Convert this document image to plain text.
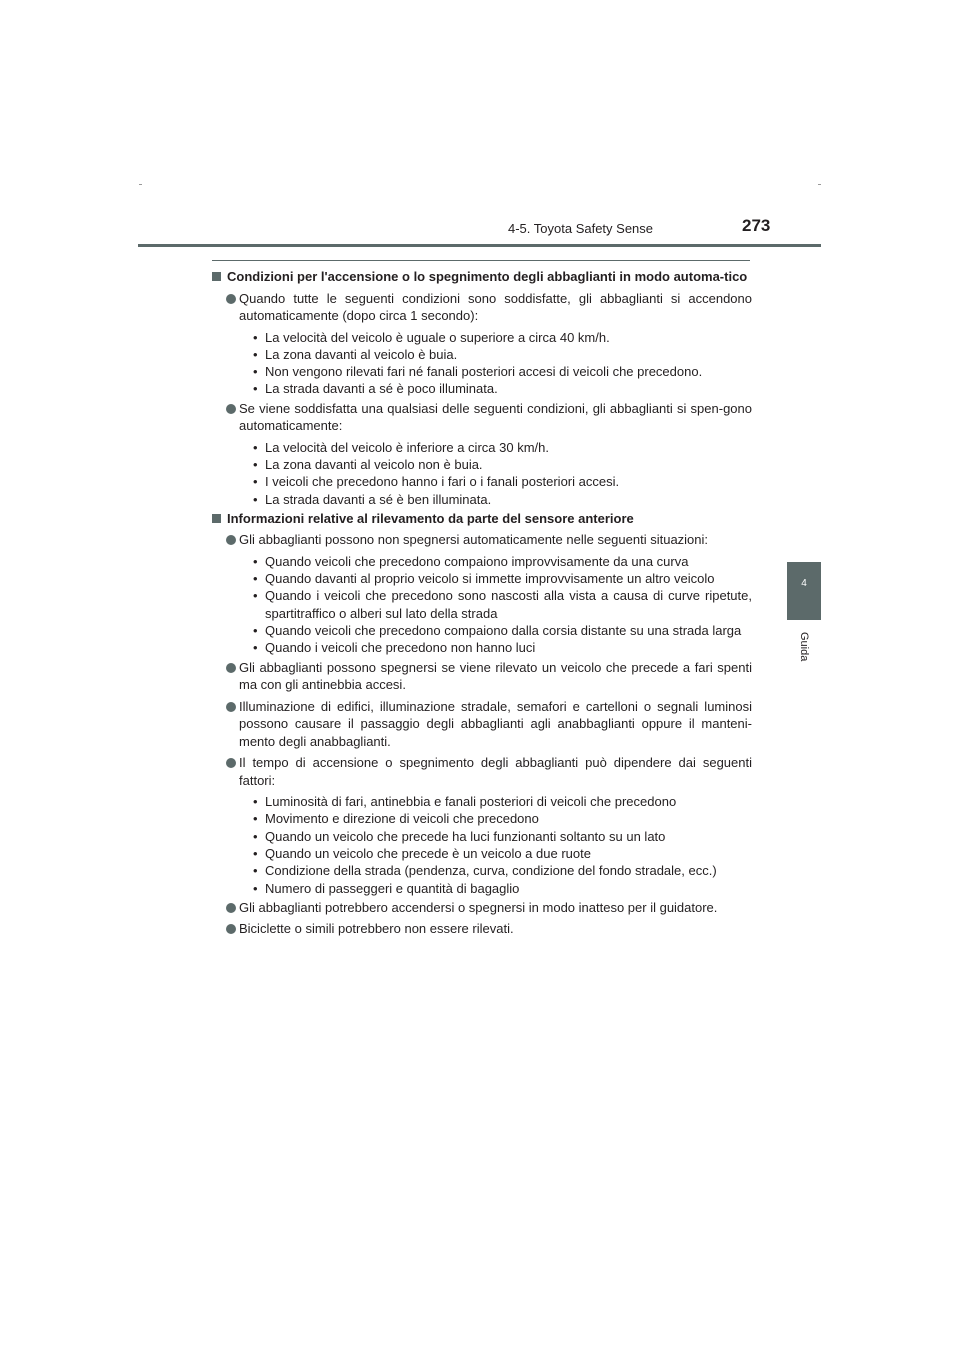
4-5. Toyota Safety Sense	273
4
Guida
Condizioni per l'accensione o lo spegnimento degli abbaglianti in modo automa-tico
Quando tutte le seguenti condizioni sono soddisfatte, gli abbaglianti si accendono automaticamente (dopo circa 1 secondo):
• La velocità del veicolo è uguale o superiore a circa 40 km/h.
• La zona davanti al veicolo è buia.
• Non vengono rilevati fari né fanali posteriori accesi di veicoli che precedono.
• La strada davanti a sé è poco illuminata.
Se viene soddisfatta una qualsiasi delle seguenti condizioni, gli abbaglianti si spen-gono automaticamente:
• La velocità del veicolo è inferiore a circa 30 km/h.
• La zona davanti al veicolo non è buia.
• I veicoli che precedono hanno i fari o i fanali posteriori accesi.
• La strada davanti a sé è ben illuminata.
Informazioni relative al rilevamento da parte del sensore anteriore
Gli abbaglianti possono non spegnersi automaticamente nelle seguenti situazioni:
• Quando veicoli che precedono compaiono improvvisamente da una curva
• Quando davanti al proprio veicolo si immette improvvisamente un altro veicolo
• Quando i veicoli che precedono sono nascosti alla vista a causa di curve ripetute, spartitraffico o alberi sul lato della strada
• Quando veicoli che precedono compaiono dalla corsia distante su una strada larga
• Quando i veicoli che precedono non hanno luci
Gli abbaglianti possono spegnersi se viene rilevato un veicolo che precede a fari spenti ma con gli antinebbia accesi.
Illuminazione di edifici, illuminazione stradale, semafori e cartelloni o segnali luminosi possono causare il passaggio degli abbaglianti agli anabbaglianti oppure il manteni-mento degli anabbaglianti.
Il tempo di accensione o spegnimento degli abbaglianti può dipendere dai seguenti fattori:
• Luminosità di fari, antinebbia e fanali posteriori di veicoli che precedono
• Movimento e direzione di veicoli che precedono
• Quando un veicolo che precede ha luci funzionanti soltanto su un lato
• Quando un veicolo che precede è un veicolo a due ruote
• Condizione della strada (pendenza, curva, condizione del fondo stradale, ecc.)
• Numero di passeggeri e quantità di bagaglio
Gli abbaglianti potrebbero accendersi o spegnersi in modo inatteso per il guidatore.
Biciclette o simili potrebbero non essere rilevati.
